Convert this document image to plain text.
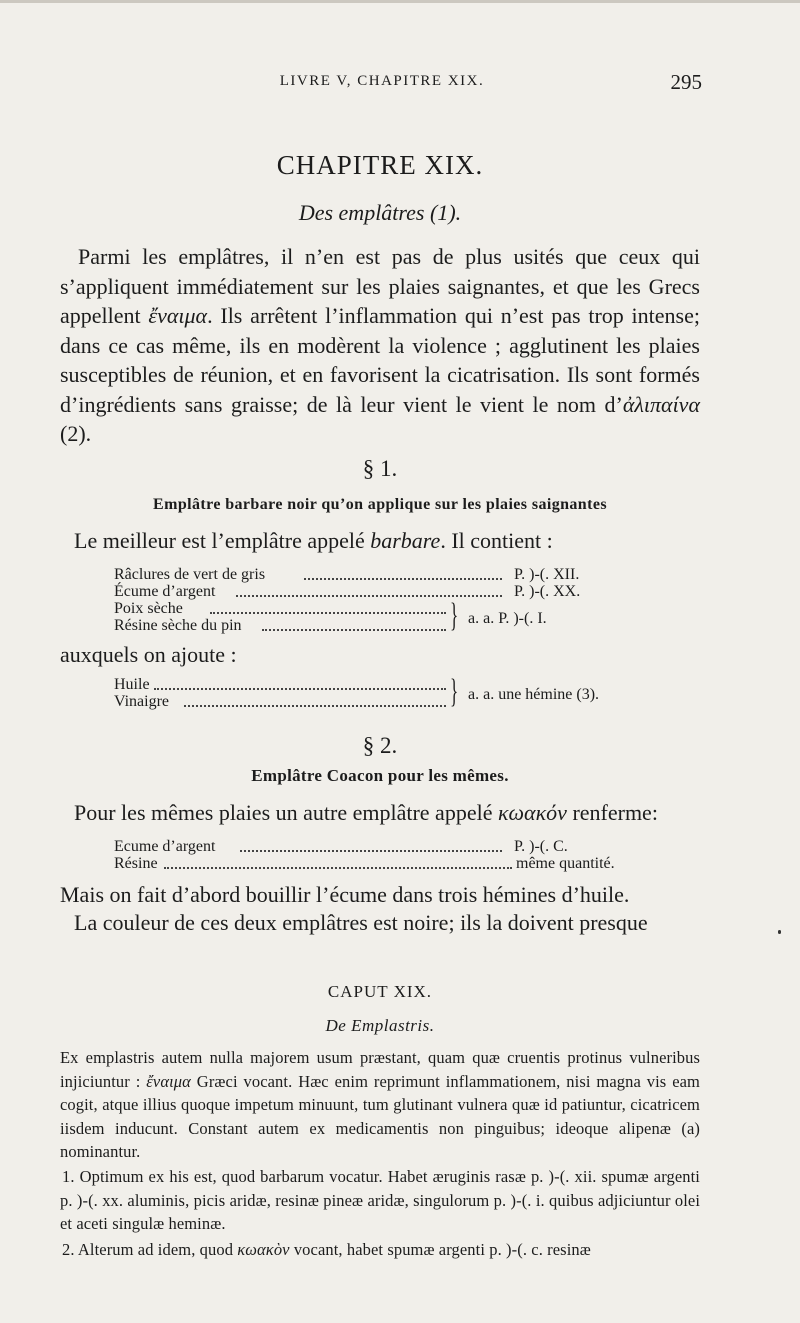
LIVRE V, CHAPITRE XIX.	295
CHAPITRE XIX.
Des emplâtres (1).
Parmi les emplâtres, il n’en est pas de plus usités que ceux qui s’appliquent immédiatement sur les plaies saignantes, et que les Grecs appellent ἔναιμα. Ils arrêtent l’inflammation qui n’est pas trop intense; dans ce cas même, ils en modèrent la violence ; agglutinent les plaies susceptibles de réunion, et en favorisent la cicatrisation. Ils sont formés d’ingrédients sans graisse; de là leur vient le vient le nom d’ἀλιπαίνα (2).
§ 1.
Emplâtre barbare noir qu’on applique sur les plaies saignantes
Le meilleur est l’emplâtre appelé barbare. Il contient :
Râclures de vert de gris	P. )-(. XII.
Écume d’argent	P. )-(. XX.
Poix sèche
Résine sèche du pin	} a. a. P. )-(. I.
auxquels on ajoute :
Huile
Vinaigre	} a. a. une hémine (3).
§ 2.
Emplâtre Coacon pour les mêmes.
Pour les mêmes plaies un autre emplâtre appelé κωακόν renferme:
Ecume d’argent	P. )-(. C.
Résine	même quantité.
Mais on fait d’abord bouillir l’écume dans trois hémines d’huile.
La couleur de ces deux emplâtres est noire; ils la doivent presque
CAPUT XIX.
De Emplastris.
Ex emplastris autem nulla majorem usum præstant, quam quæ cruentis protinus vulneribus injiciuntur : ἔναιμα Græci vocant. Hæc enim reprimunt inflammationem, nisi magna vis eam cogit, atque illius quoque impetum minuunt, tum glutinant vulnera quæ id patiuntur, cicatricem iisdem inducunt. Constant autem ex medicamentis non pinguibus; ideoque alipenæ (a) nominantur.
1. Optimum ex his est, quod barbarum vocatur. Habet æruginis rasæ p. )-(. xii. spumæ argenti p. )-(. xx. aluminis, picis aridæ, resinæ pineæ aridæ, singulorum p. )-(. i. quibus adjiciuntur olei et aceti singulæ heminæ.
2. Alterum ad idem, quod κωακὸν vocant, habet spumæ argenti p. )-(. c. resinæ
